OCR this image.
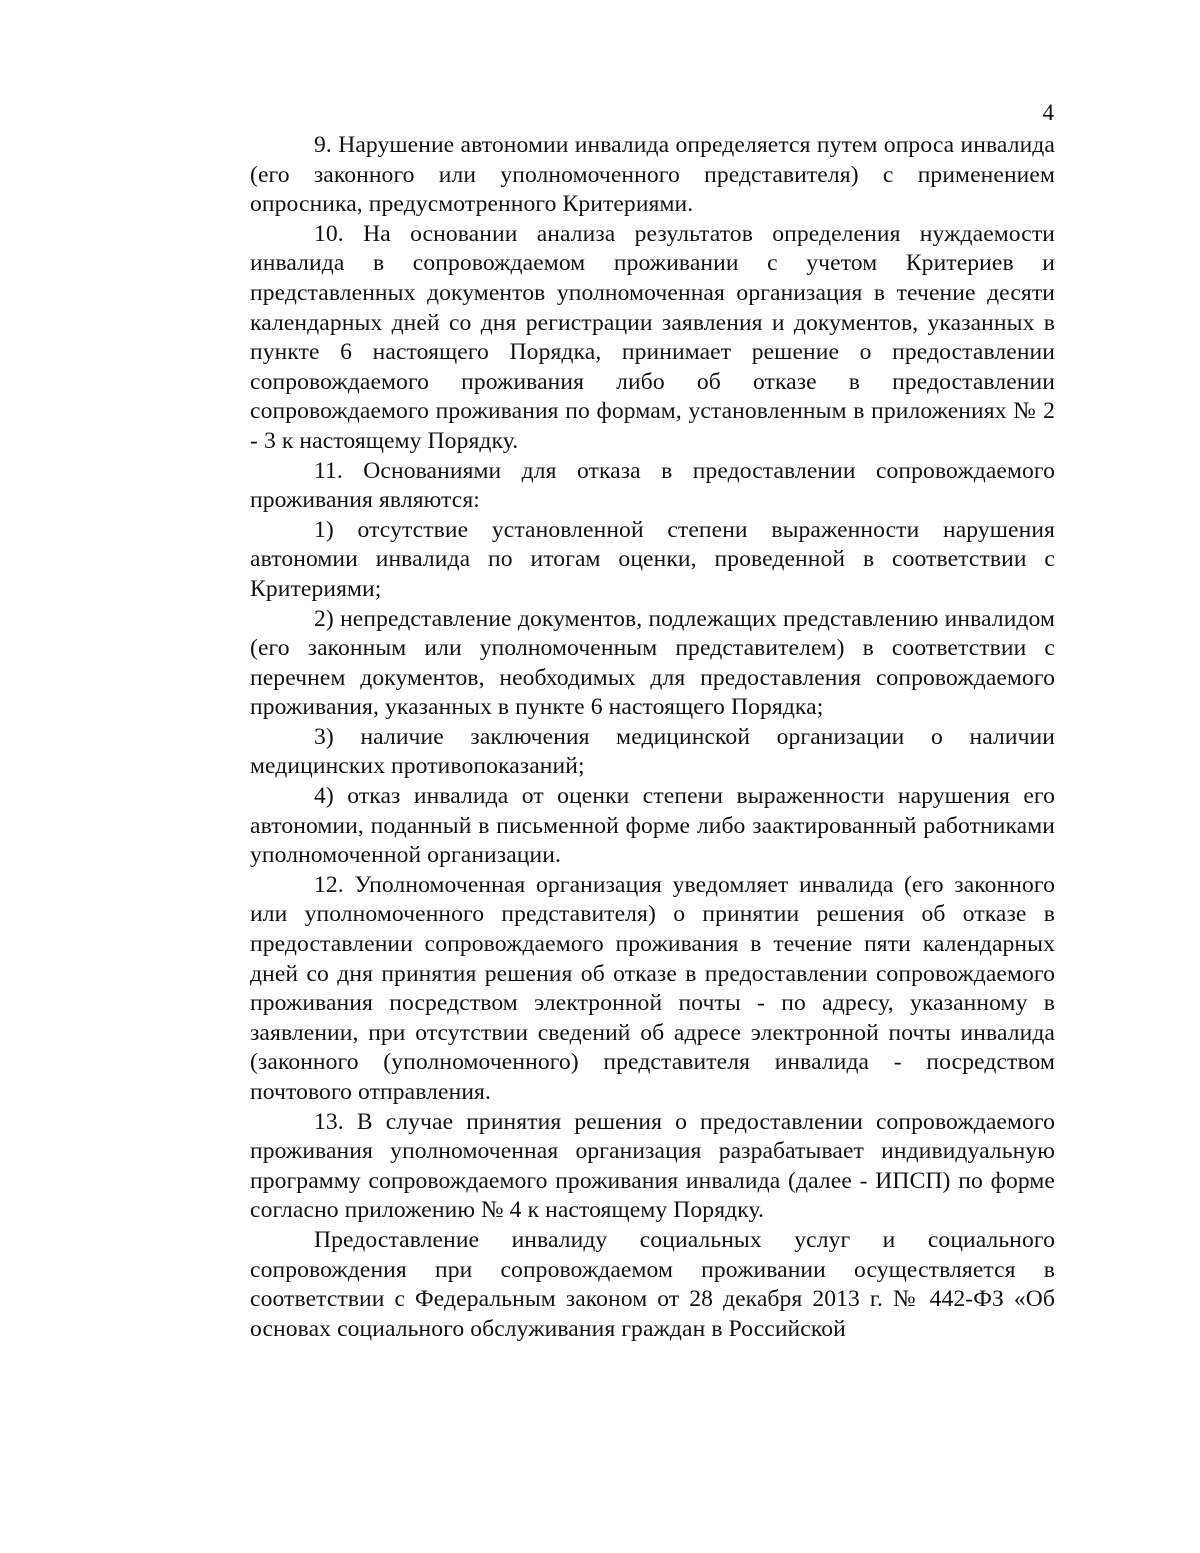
4

9. Нарушение автономии инвалида определяется путем опроса инвалида (его законного или уполномоченного представителя) с применением опросника, предусмотренного Критериями.

10. На основании анализа результатов определения нуждаемости инвалида в сопровождаемом проживании с учетом Критериев и представленных документов уполномоченная организация в течение десяти календарных дней со дня регистрации заявления и документов, указанных в пункте 6 настоящего Порядка, принимает решение о предоставлении сопровождаемого проживания либо об отказе в предоставлении сопровождаемого проживания по формам, установленным в приложениях № 2 - 3 к настоящему Порядку.

11. Основаниями для отказа в предоставлении сопровождаемого проживания являются:

1) отсутствие установленной степени выраженности нарушения автономии инвалида по итогам оценки, проведенной в соответствии с Критериями;

2) непредставление документов, подлежащих представлению инвалидом (его законным или уполномоченным представителем) в соответствии с перечнем документов, необходимых для предоставления сопровождаемого проживания, указанных в пункте 6 настоящего Порядка;

3) наличие заключения медицинской организации о наличии медицинских противопоказаний;

4) отказ инвалида от оценки степени выраженности нарушения его автономии, поданный в письменной форме либо заактированный работниками уполномоченной организации.

12. Уполномоченная организация уведомляет инвалида (его законного или уполномоченного представителя) о принятии решения об отказе в предоставлении сопровождаемого проживания в течение пяти календарных дней со дня принятия решения об отказе в предоставлении сопровождаемого проживания посредством электронной почты - по адресу, указанному в заявлении, при отсутствии сведений об адресе электронной почты инвалида (законного (уполномоченного) представителя инвалида - посредством почтового отправления.

13. В случае принятия решения о предоставлении сопровождаемого проживания уполномоченная организация разрабатывает индивидуальную программу сопровождаемого проживания инвалида (далее - ИПСП) по форме согласно приложению № 4 к настоящему Порядку.

Предоставление инвалиду социальных услуг и социального сопровождения при сопровождаемом проживании осуществляется в соответствии с Федеральным законом от 28 декабря 2013 г. № 442-ФЗ «Об основах социального обслуживания граждан в Российской
